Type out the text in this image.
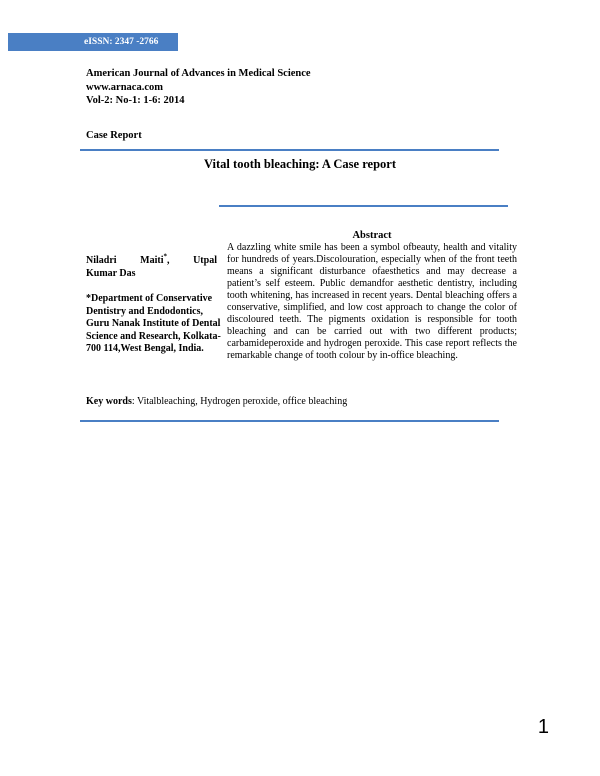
eISSN: 2347 -2766
American Journal of Advances in Medical Science
www.arnaca.com
Vol-2: No-1: 1-6: 2014
Case Report
Vital tooth bleaching: A Case report
Niladri Maiti*, Utpal
Kumar Das
*Department of Conservative Dentistry and Endodontics, Guru Nanak Institute of Dental Science and Research, Kolkata-700 114,West Bengal, India.
Abstract
A dazzling white smile has been a symbol ofbeauty, health and vitality for hundreds of years.Discolouration, especially when of the front teeth means a significant disturbance ofaesthetics and may decrease a patient’s self esteem. Public demandfor aesthetic dentistry, including tooth whitening, has increased in recent years. Dental bleaching offers a conservative, simplified, and low cost approach to change the color of discoloured teeth. The pigments oxidation is responsible for tooth bleaching and can be carried out with two different products; carbamideperoxide and hydrogen peroxide. This case report reflects the remarkable change of tooth colour by in-office bleaching.
Key words: Vitalbleaching, Hydrogen peroxide, office bleaching
1
